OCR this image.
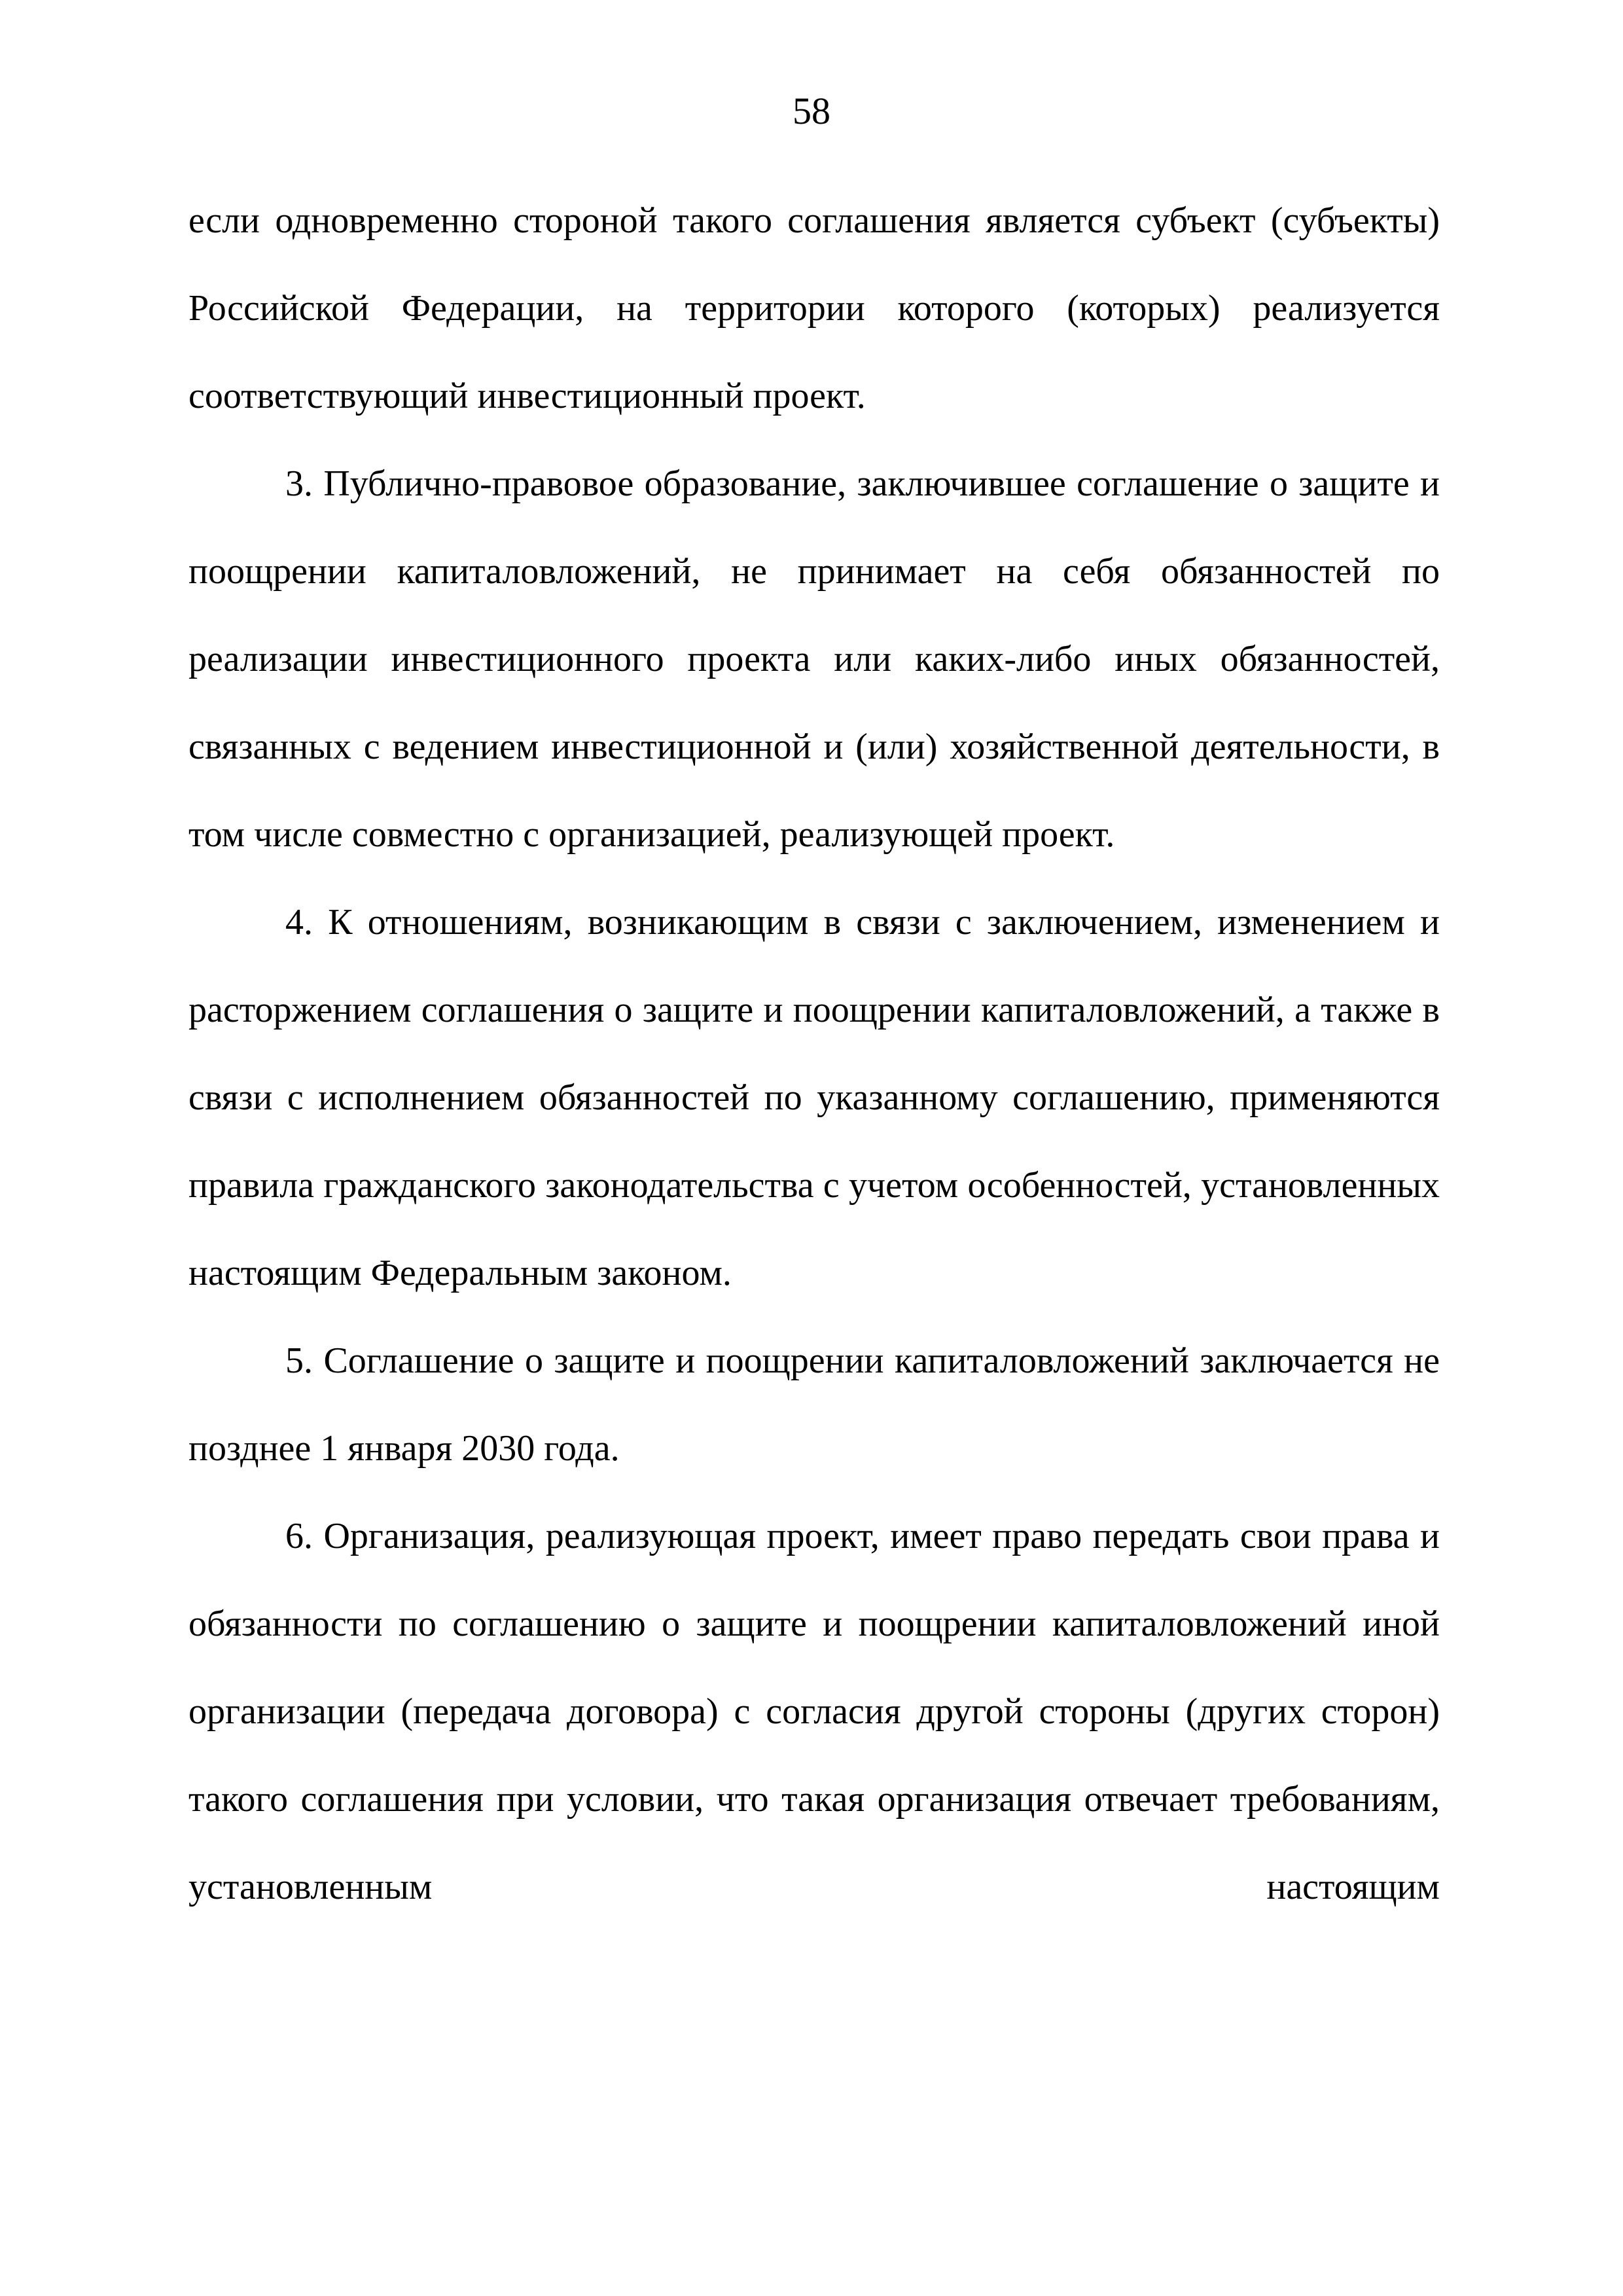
58

если одновременно стороной такого соглашения является субъект (субъекты) Российской Федерации, на территории которого (которых) реализуется соответствующий инвестиционный проект.

3. Публично-правовое образование, заключившее соглашение о защите и поощрении капиталовложений, не принимает на себя обязанностей по реализации инвестиционного проекта или каких-либо иных обязанностей, связанных с ведением инвестиционной и (или) хозяйственной деятельности, в том числе совместно с организацией, реализующей проект.

4. К отношениям, возникающим в связи с заключением, изменением и расторжением соглашения о защите и поощрении капиталовложений, а также в связи с исполнением обязанностей по указанному соглашению, применяются правила гражданского законодательства с учетом особенностей, установленных настоящим Федеральным законом.

5. Соглашение о защите и поощрении капиталовложений заключается не позднее 1 января 2030 года.

6. Организация, реализующая проект, имеет право передать свои права и обязанности по соглашению о защите и поощрении капиталовложений иной организации (передача договора) с согласия другой стороны (других сторон) такого соглашения при условии, что такая организация отвечает требованиям, установленным настоящим
